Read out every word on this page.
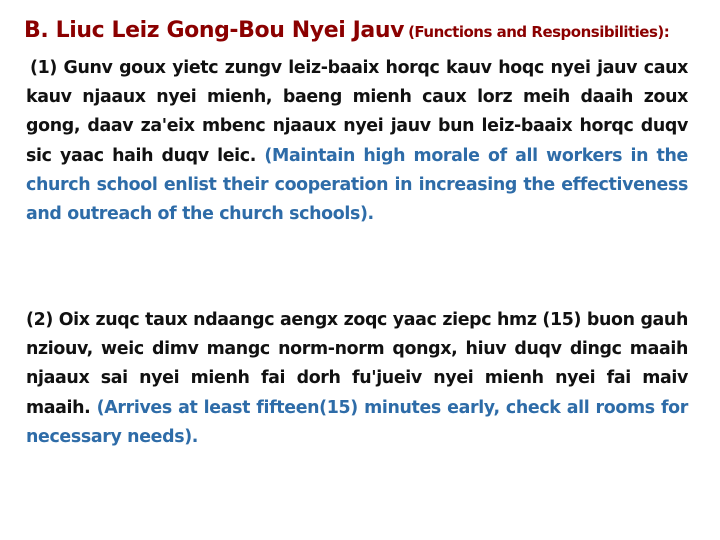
B. Liuc Leiz Gong-Bou Nyei Jauv (Functions and Responsibilities):
(1) Gunv goux yietc zungv leiz-baaix horqc kauv hoqc nyei jauv caux kauv njaaux nyei mienh, baeng mienh caux lorz meih daaih zoux gong, daav za'eix mbenc njaaux nyei jauv bun leiz-baaix horqc duqv sic yaac haih duqv leic. (Maintain high morale of all workers in the church school enlist their cooperation in increasing the effectiveness and outreach of the church schools).
(2) Oix zuqc taux ndaangc aengx zoqc yaac ziepc hmz (15) buon gauh nziouv, weic dimv mangc norm-norm qongx, hiuv duqv dingc maaih njaaux sai nyei mienh fai dorh fu'jueiv nyei mienh nyei fai maiv maaih. (Arrives at least fifteen(15) minutes early, check all rooms for necessary needs).
